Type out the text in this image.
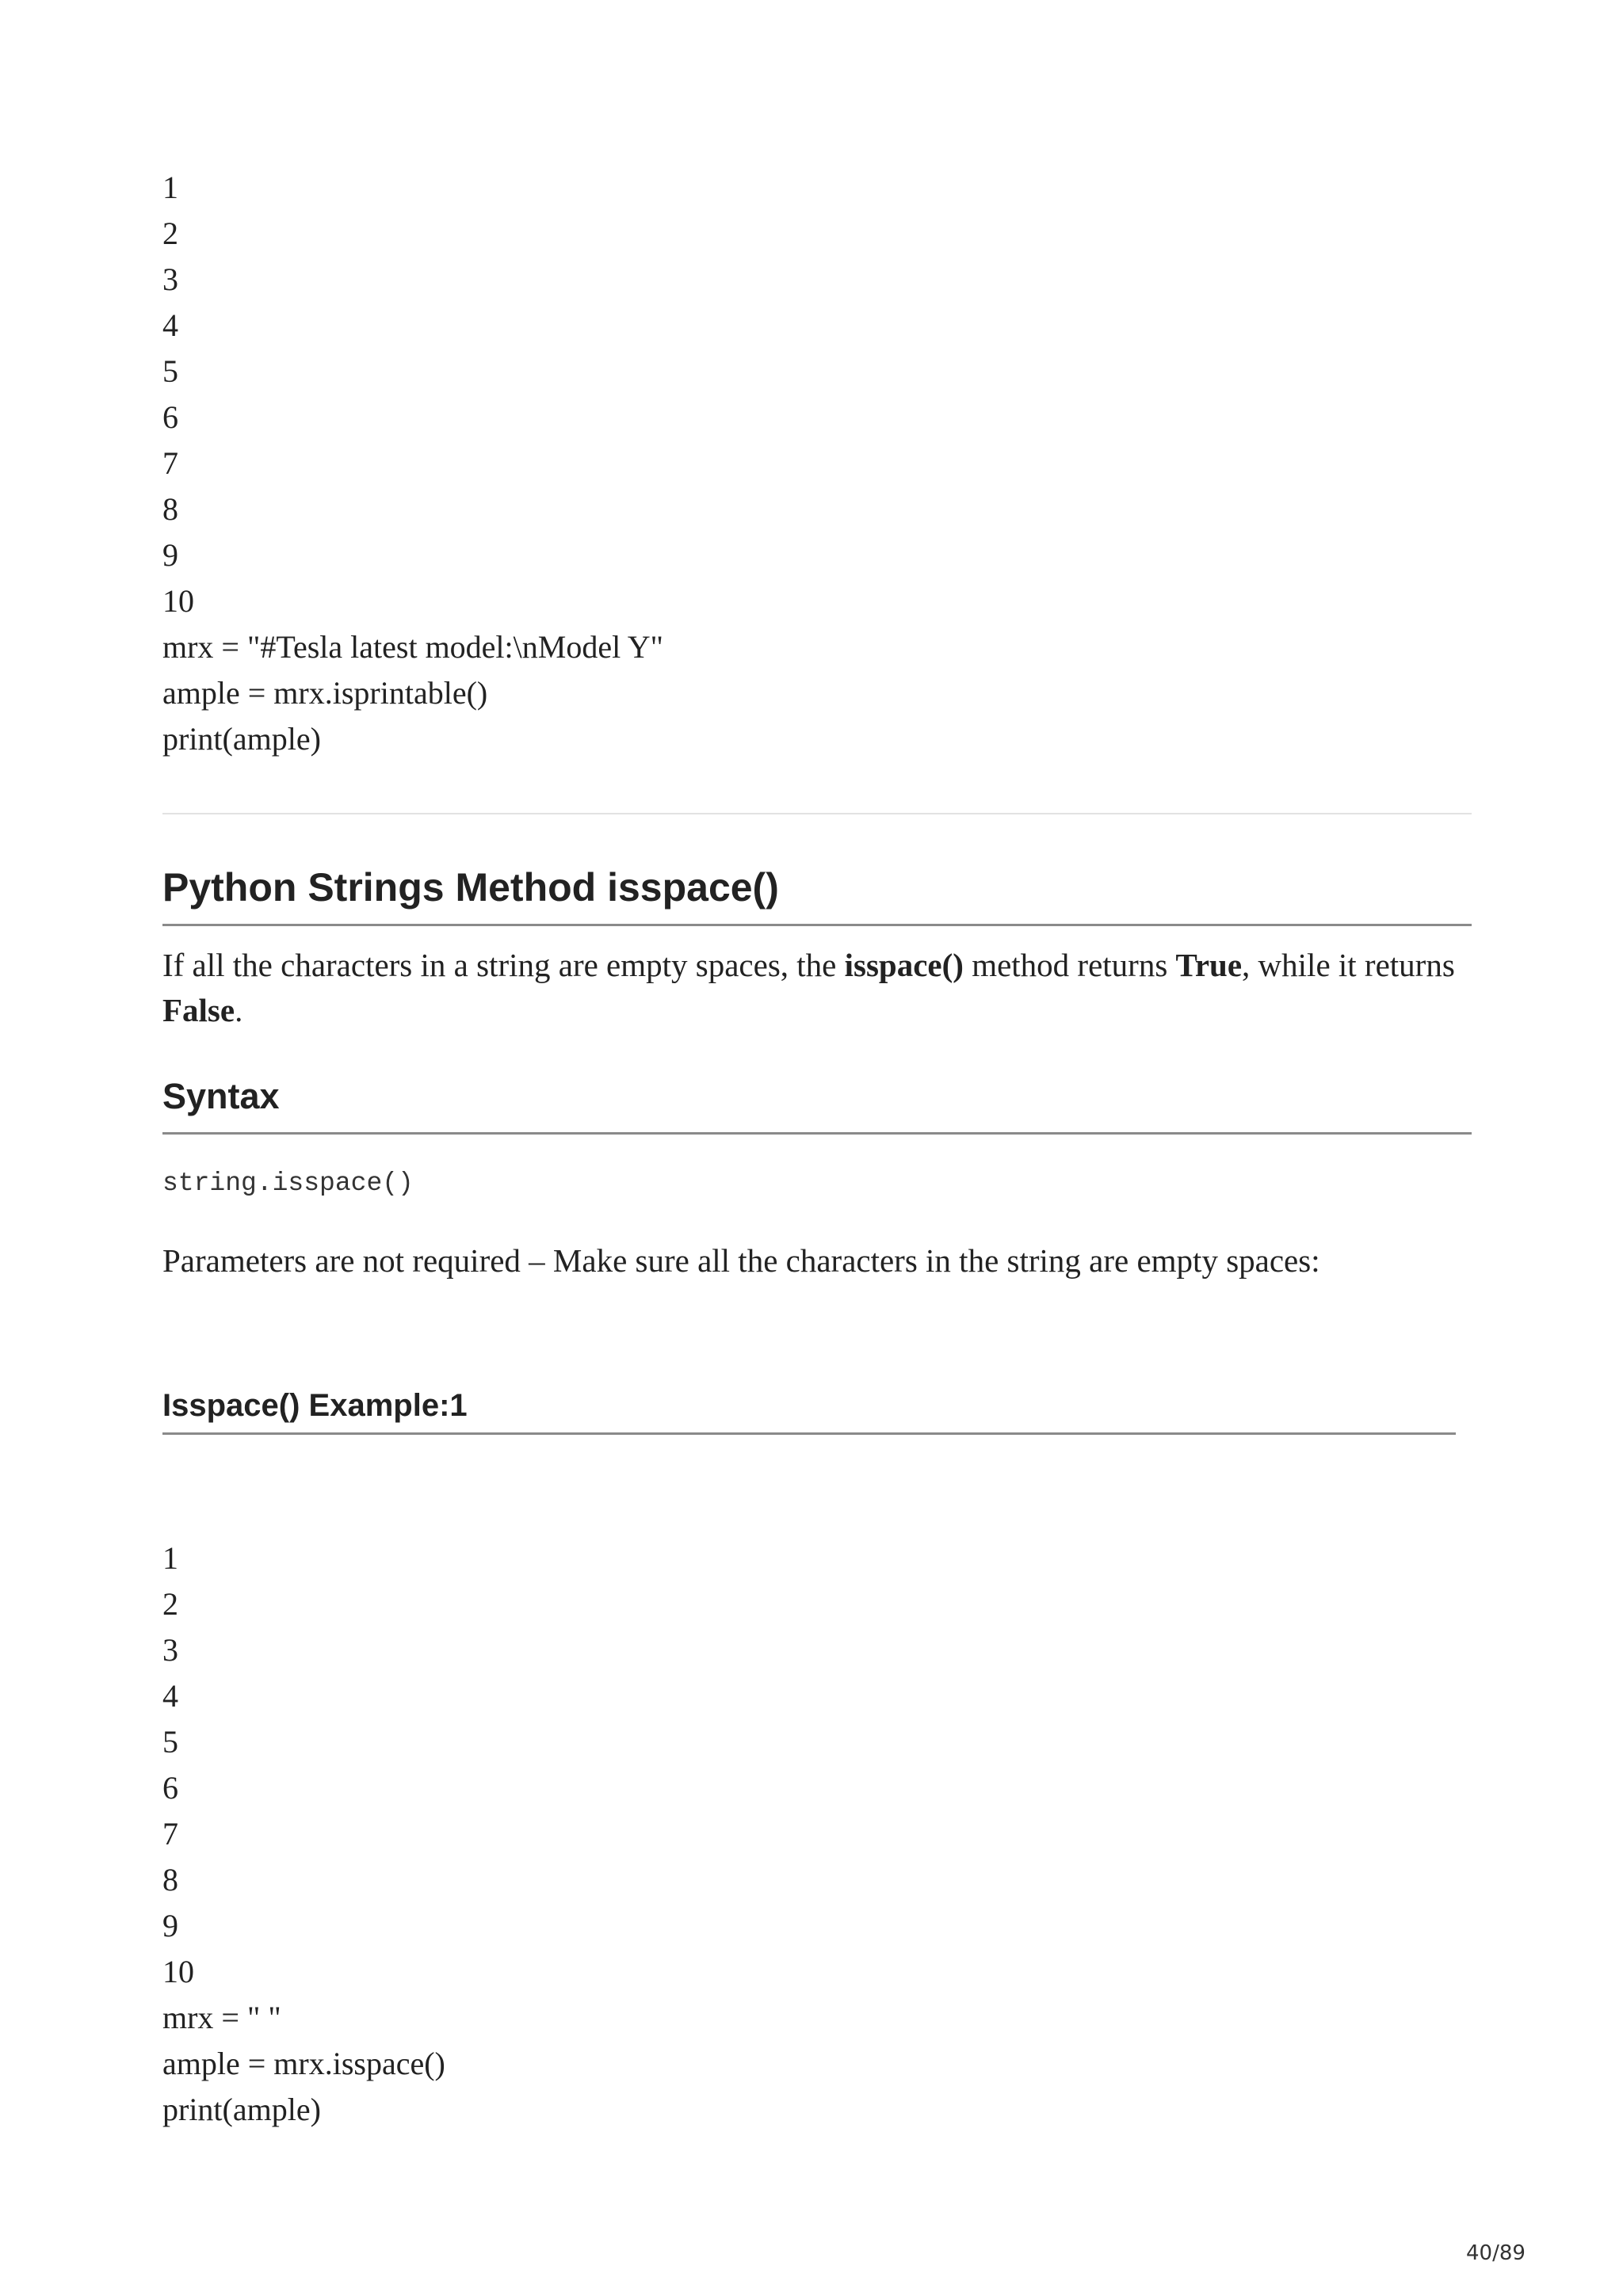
1
2
3
4
5
6
7
8
9
10
mrx = "#Tesla latest model:\nModel Y"
ample = mrx.isprintable()
print(ample)
Python Strings Method isspace()

If all the characters in a string are empty spaces, the isspace() method returns True, while it returns False.

Syntax
string.isspace()

Parameters are not required – Make sure all the characters in the string are empty spaces:

Isspace() Example:1
1
2
3
4
5
6
7
8
9
10
mrx = " "
ample = mrx.isspace()
print(ample)
40/89
